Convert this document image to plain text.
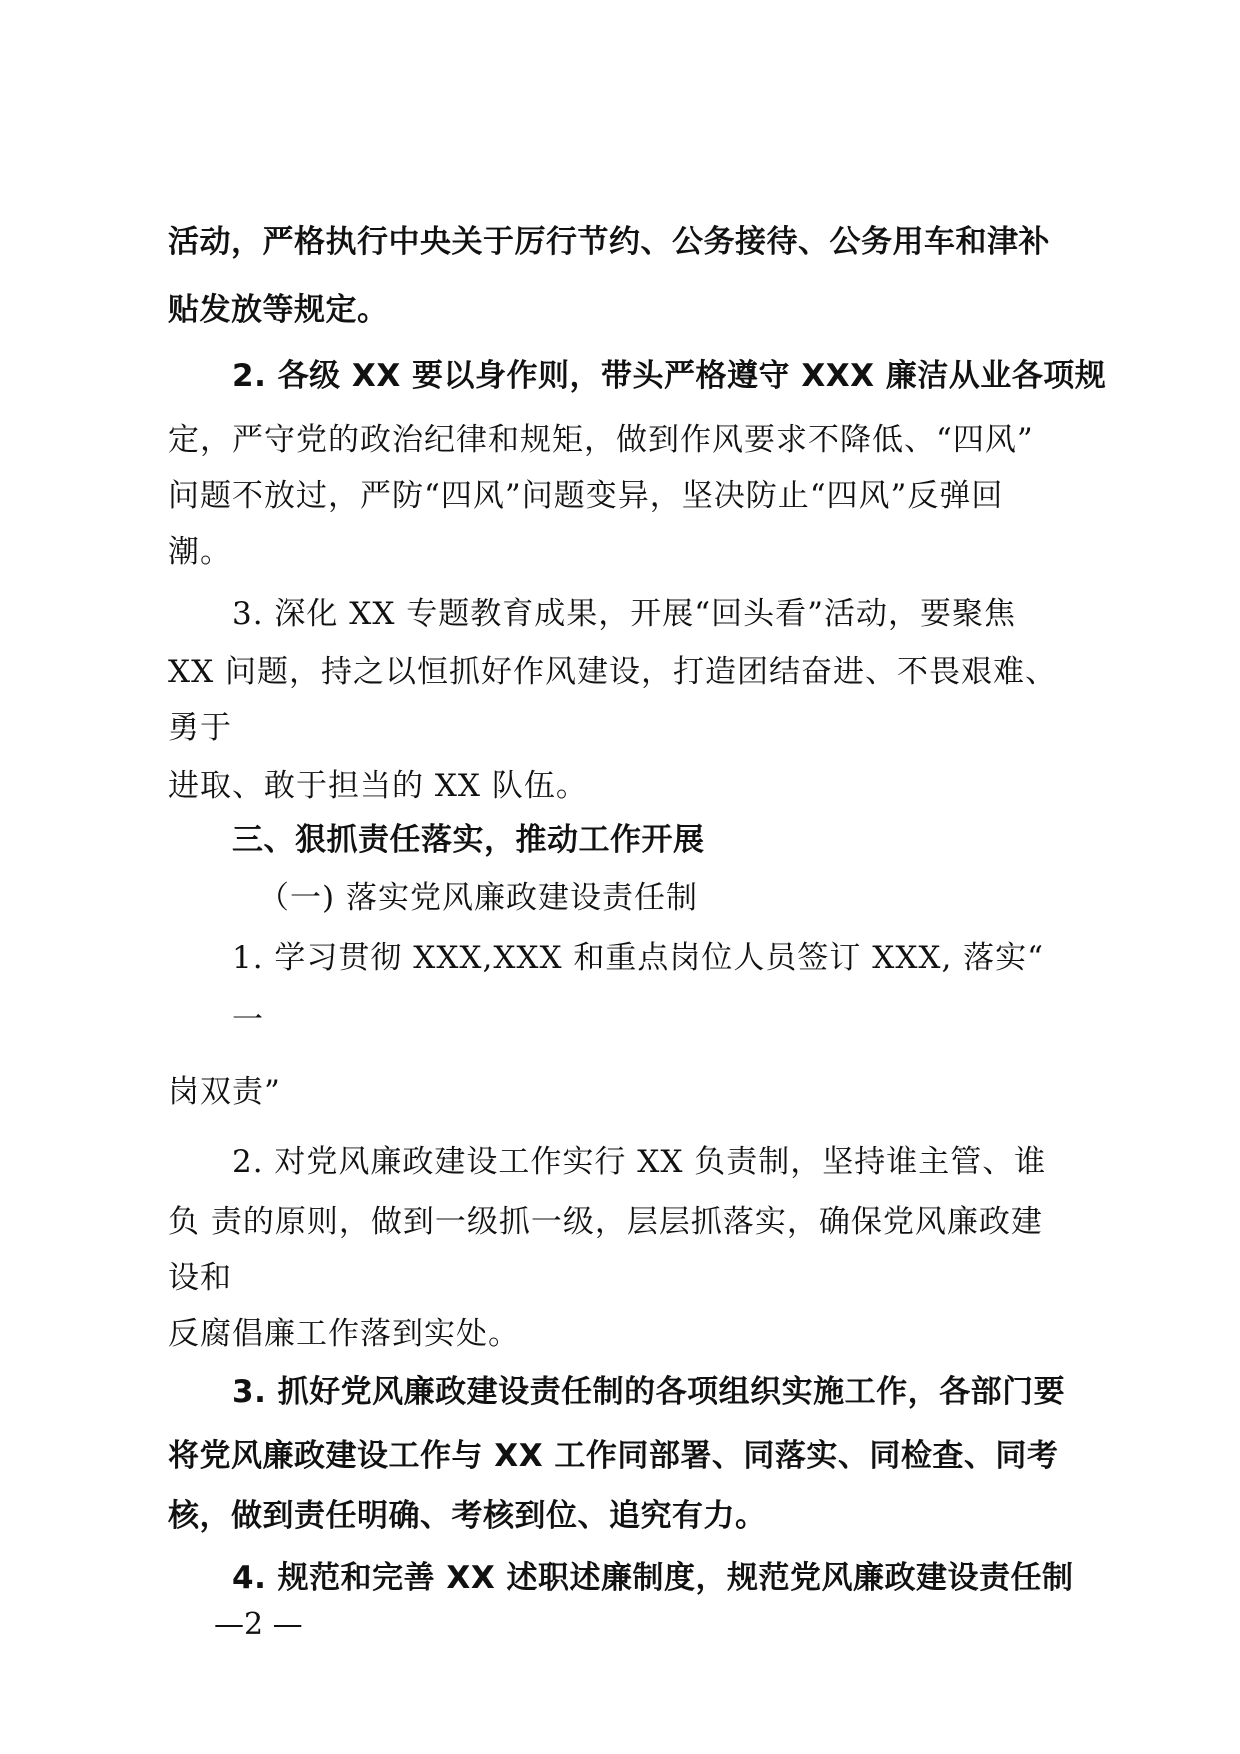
活动，严格执行中央关于厉行节约、公务接待、公务用车和津补

贴发放等规定。

2. 各级 XX 要以身作则，带头严格遵守 XXX 廉洁从业各项规

定，严守党的政治纪律和规矩，做到作风要求不降低、“四风”

问题不放过，严防“四风”问题变异，坚决防止“四风”反弹回

潮。

3. 深化 XX 专题教育成果，开展“回头看”活动，要聚焦

XX 问题，持之以恒抓好作风建设，打造团结奋进、不畏艰难、

勇于

进取、敢于担当的 XX 队伍。

三、狠抓责任落实，推动工作开展

（一) 落实党风廉政建设责任制

1. 学习贯彻 XXX,XXX 和重点岗位人员签订 XXX, 落实“

一

岗双责”

2. 对党风廉政建设工作实行 XX 负责制，坚持谁主管、谁

负 责的原则，做到一级抓一级，层层抓落实，确保党风廉政建

设和

反腐倡廉工作落到实处。

3. 抓好党风廉政建设责任制的各项组织实施工作，各部门要

将党风廉政建设工作与 XX 工作同部署、同落实、同检查、同考

核，做到责任明确、考核到位、追究有力。

4. 规范和完善 XX 述职述廉制度，规范党风廉政建设责任制

—2 —
